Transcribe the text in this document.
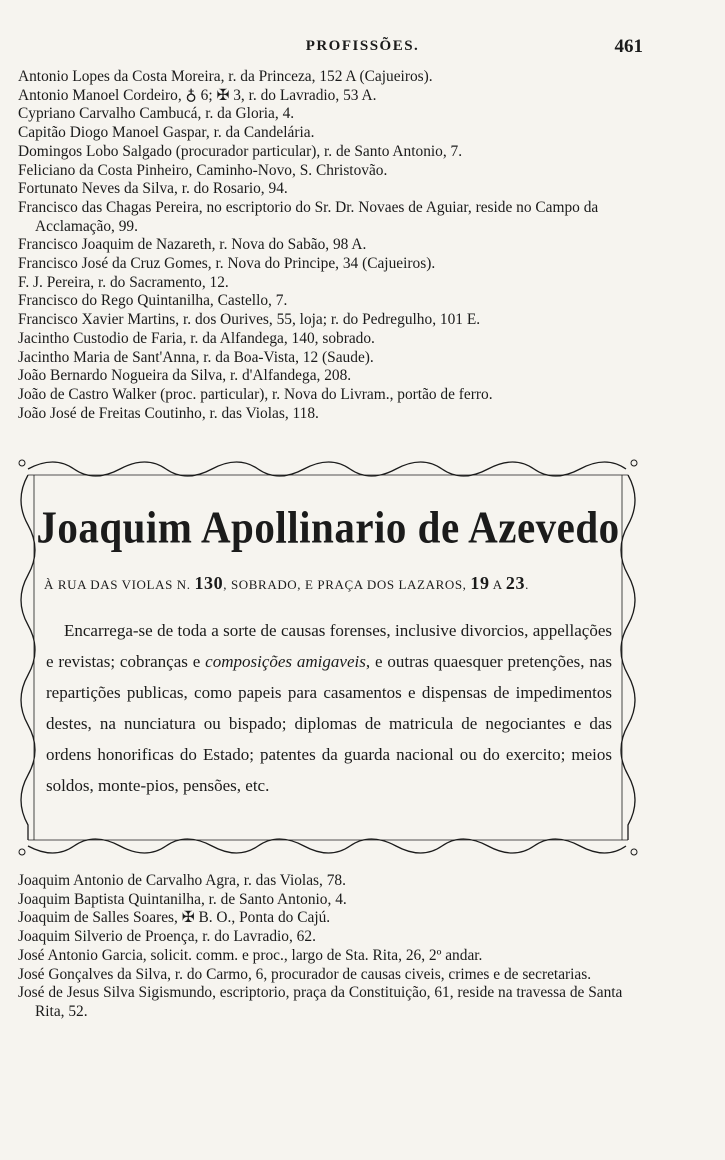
PROFISSÕES.	461

Antonio Lopes da Costa Moreira, r. da Princeza, 152 A (Cajueiros).

Antonio Manoel Cordeiro, ♁ 6; ✠ 3, r. do Lavradio, 53 A.

Cypriano Carvalho Cambucá, r. da Gloria, 4.

Capitão Diogo Manoel Gaspar, r. da Candelária.

Domingos Lobo Salgado (procurador particular), r. de Santo Antonio, 7.

Feliciano da Costa Pinheiro, Caminho-Novo, S. Christovão.

Fortunato Neves da Silva, r. do Rosario, 94.

Francisco das Chagas Pereira, no escriptorio do Sr. Dr. Novaes de Aguiar, reside no Campo da Acclamação, 99.

Francisco Joaquim de Nazareth, r. Nova do Sabão, 98 A.

Francisco José da Cruz Gomes, r. Nova do Principe, 34 (Cajueiros).

F. J. Pereira, r. do Sacramento, 12.

Francisco do Rego Quintanilha, Castello, 7.

Francisco Xavier Martins, r. dos Ourives, 55, loja; r. do Pedregulho, 101 E.

Jacintho Custodio de Faria, r. da Alfandega, 140, sobrado.

Jacintho Maria de Sant'Anna, r. da Boa-Vista, 12 (Saude).

João Bernardo Nogueira da Silva, r. d'Alfandega, 208.

João de Castro Walker (proc. particular), r. Nova do Livram., portão de ferro.

João José de Freitas Coutinho, r. das Violas, 118.

Joaquim Apollinario de Azevedo
À RUA DAS VIOLAS N. 130, SOBRADO, E PRAÇA DOS LAZAROS, 19 A 23.
Encarrega-se de toda a sorte de causas forenses, inclusive divorcios, appellações e revistas; cobranças e composições amigaveis, e outras quaesquer pretenções, nas repartições publicas, como papeis para casamentos e dispensas de impedimentos destes, na nunciatura ou bispado; diplomas de matricula de negociantes e das ordens honorificas do Estado; patentes da guarda nacional ou do exercito; meios soldos, monte-pios, pensões, etc.

Joaquim Antonio de Carvalho Agra, r. das Violas, 78.

Joaquim Baptista Quintanilha, r. de Santo Antonio, 4.

Joaquim de Salles Soares, ✠ B. O., Ponta do Cajú.

Joaquim Silverio de Proença, r. do Lavradio, 62.

José Antonio Garcia, solicit. comm. e proc., largo de Sta. Rita, 26, 2º andar.

José Gonçalves da Silva, r. do Carmo, 6, procurador de causas civeis, crimes e de secretarias.

José de Jesus Silva Sigismundo, escriptorio, praça da Constituição, 61, reside na travessa de Santa Rita, 52.
